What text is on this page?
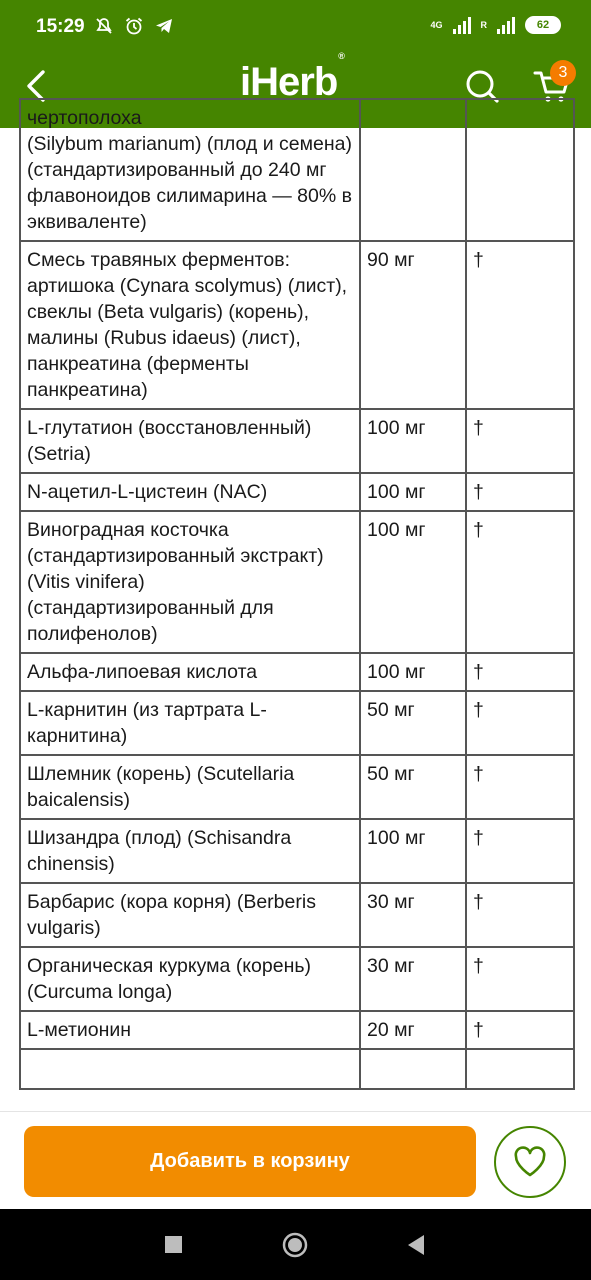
15:29	4G	R	62
iHerb®
3
чертополоха
(Silybum marianum) (плод и семена)
(стандартизированный до 240 мг флавоноидов силимарина — 80% в эквиваленте)		
Смесь травяных ферментов: артишока (Cynara scolymus) (лист), свеклы (Beta vulgaris) (корень), малины (Rubus idaeus) (лист), панкреатина (ферменты панкреатина)	90 мг	†
L-глутатион (восстановленный) (Setria)	100 мг	†
N-ацетил-L-цистеин (NAC)	100 мг	†
Виноградная косточка (стандартизированный экстракт) (Vitis vinifera) (стандартизированный для полифенолов)	100 мг	†
Альфа-липоевая кислота	100 мг	†
L-карнитин (из тартрата L-карнитина)	50 мг	†
Шлемник (корень) (Scutellaria baicalensis)	50 мг	†
Шизандра (плод) (Schisandra chinensis)	100 мг	†
Барбарис (кора корня) (Berberis vulgaris)	30 мг	†
Органическая куркума (корень) (Curcuma longa)	30 мг	†
L-метионин	20 мг	†

Добавить в корзину
